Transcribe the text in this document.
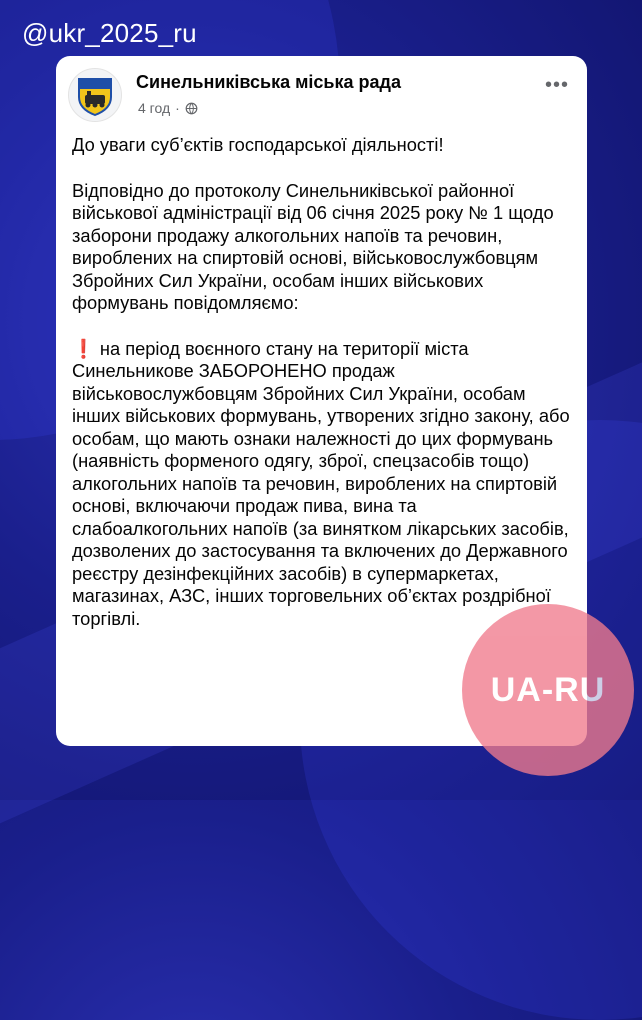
@ukr_2025_ru
Синельниківська міська рада
4 год ·
•••

До уваги суб’єктів господарської діяльності!

Відповідно до протоколу Синельниківської районної військової адміністрації від 06 січня 2025 року № 1 щодо заборони продажу алкогольних напоїв та речовин, вироблених на спиртовій основі, військовослужбовцям Збройних Сил України, особам інших військових формувань повідомляємо:

❗ на період воєнного стану на території міста Синельникове ЗАБОРОНЕНО продаж військовослужбовцям Збройних Сил України, особам інших військових формувань, утворених згідно закону, або особам, що мають ознаки належності до цих формувань (наявність форменого одягу, зброї, спецзасобів тощо) алкогольних напоїв та речовин, вироблених на спиртовій основі, включаючи продаж пива, вина та слабоалкогольних напоїв (за винятком лікарських засобів, дозволених до застосування та включених до Державного реєстру дезінфекційних засобів) в супермаркетах, магазинах, АЗС, інших торговельних об’єктах роздрібної торгівлі.

UA-RU
